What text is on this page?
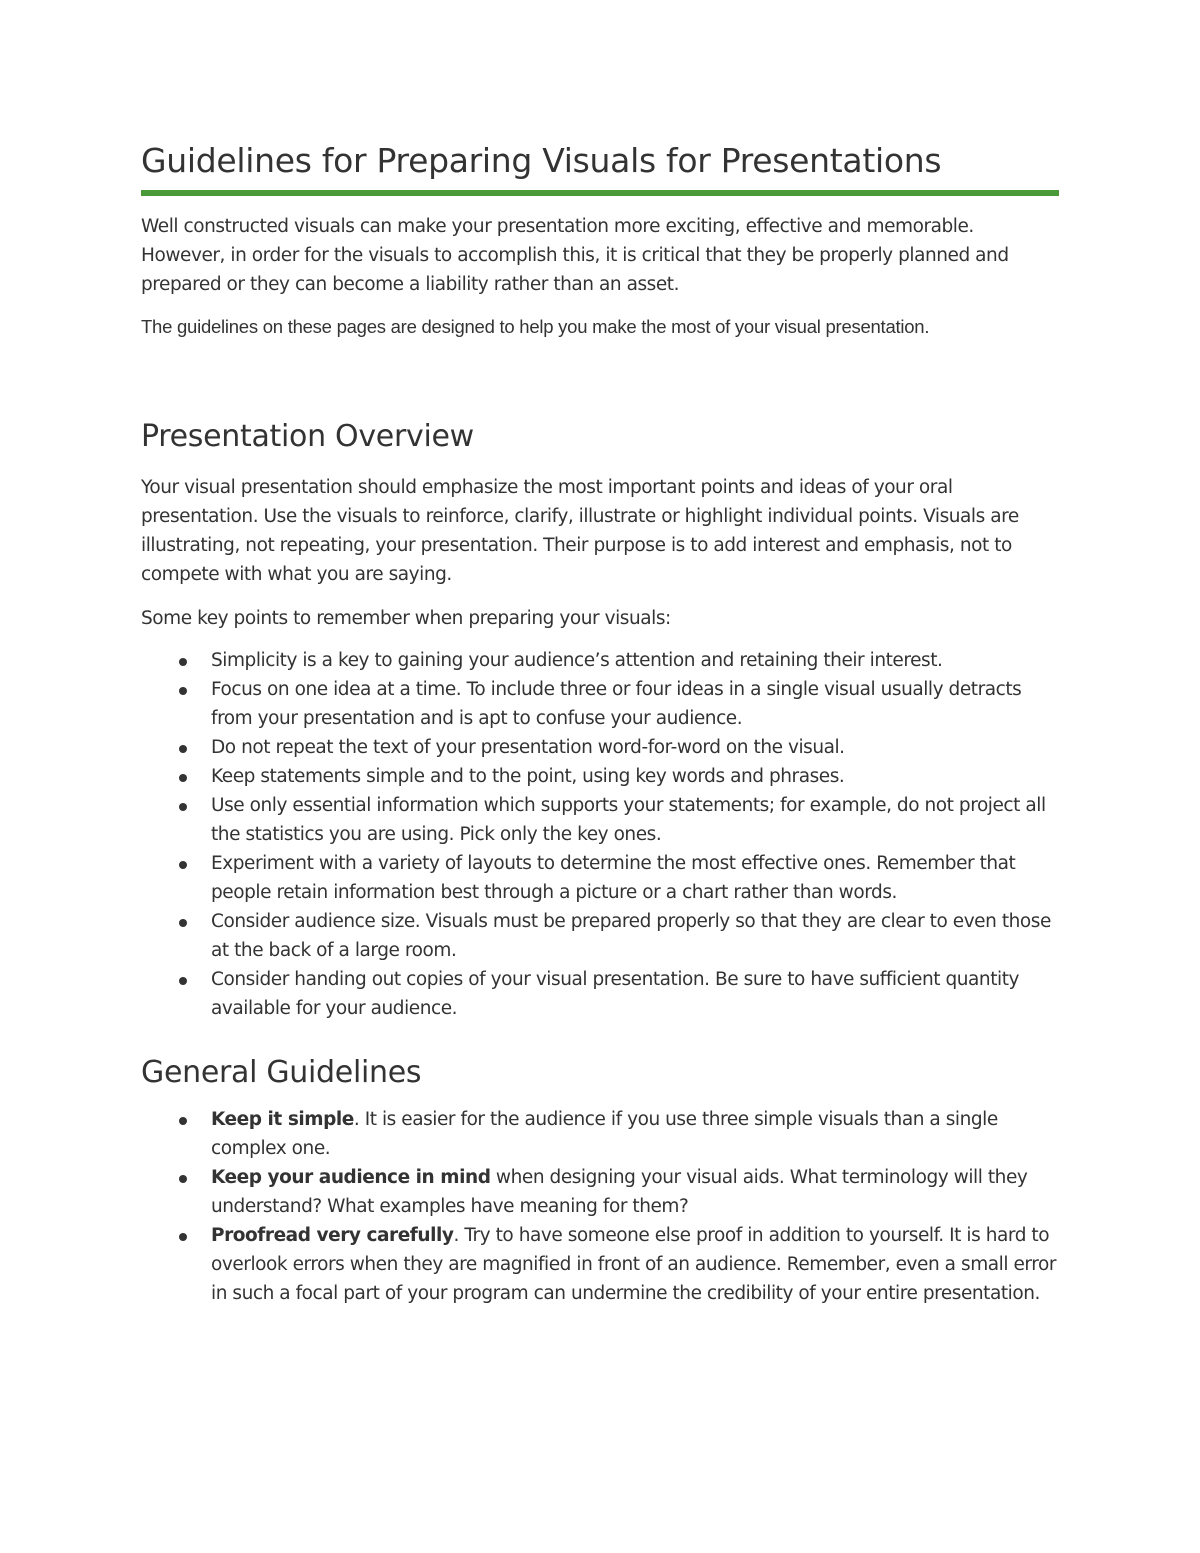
Guidelines for Preparing Visuals for Presentations

Well constructed visuals can make your presentation more exciting, effective and memorable. However, in order for the visuals to accomplish this, it is critical that they be properly planned and prepared or they can become a liability rather than an asset.

The guidelines on these pages are designed to help you make the most of your visual presentation.

Presentation Overview

Your visual presentation should emphasize the most important points and ideas of your oral presentation. Use the visuals to reinforce, clarify, illustrate or highlight individual points. Visuals are illustrating, not repeating, your presentation. Their purpose is to add interest and emphasis, not to compete with what you are saying.

Some key points to remember when preparing your visuals:

Simplicity is a key to gaining your audience’s attention and retaining their interest.
Focus on one idea at a time. To include three or four ideas in a single visual usually detracts from your presentation and is apt to confuse your audience.
Do not repeat the text of your presentation word-for-word on the visual.
Keep statements simple and to the point, using key words and phrases.
Use only essential information which supports your statements; for example, do not project all the statistics you are using. Pick only the key ones.
Experiment with a variety of layouts to determine the most effective ones. Remember that people retain information best through a picture or a chart rather than words.
Consider audience size. Visuals must be prepared properly so that they are clear to even those at the back of a large room.
Consider handing out copies of your visual presentation. Be sure to have sufficient quantity available for your audience.
General Guidelines
Keep it simple. It is easier for the audience if you use three simple visuals than a single complex one.
Keep your audience in mind when designing your visual aids. What terminology will they understand? What examples have meaning for them?
Proofread very carefully. Try to have someone else proof in addition to yourself. It is hard to overlook errors when they are magnified in front of an audience. Remember, even a small error in such a focal part of your program can undermine the credibility of your entire presentation.
